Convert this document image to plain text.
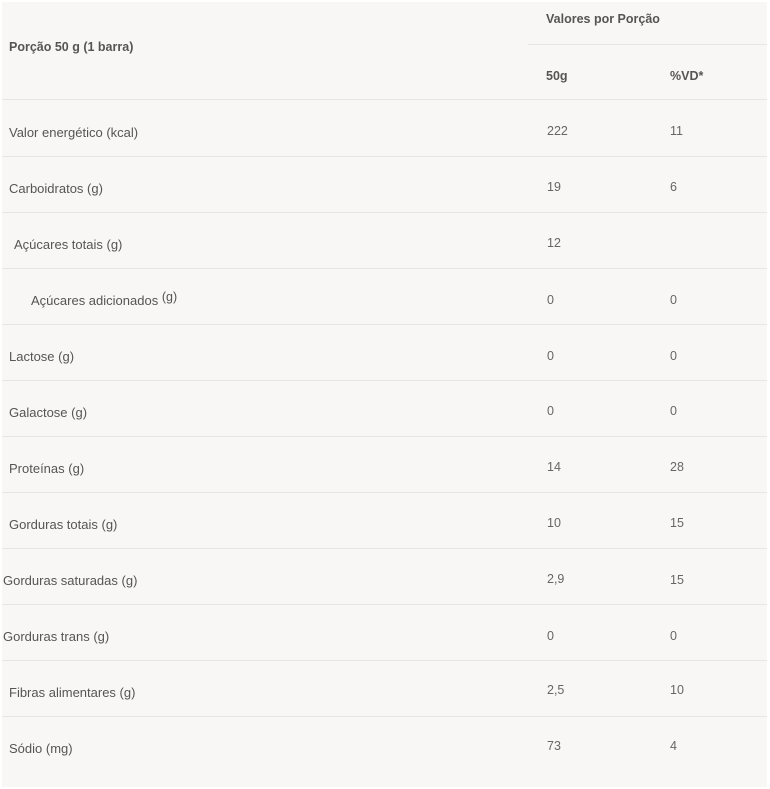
Porção 50 g (1 barra)
Valores por Porção
50g	%VD*
Valor energético (kcal)	222	11
Carboidratos (g)	19	6
Açúcares totais (g)	12
Açúcares adicionados $^{(g)}$	0	0
Lactose (g)	0	0
Galactose (g)	0	0
Proteínas (g)	14	28
Gorduras totais (g)	10	15
Gorduras saturadas (g)	2,9	15
Gorduras trans (g)	0	0
Fibras alimentares (g)	2,5	10
Sódio (mg)	73	4
